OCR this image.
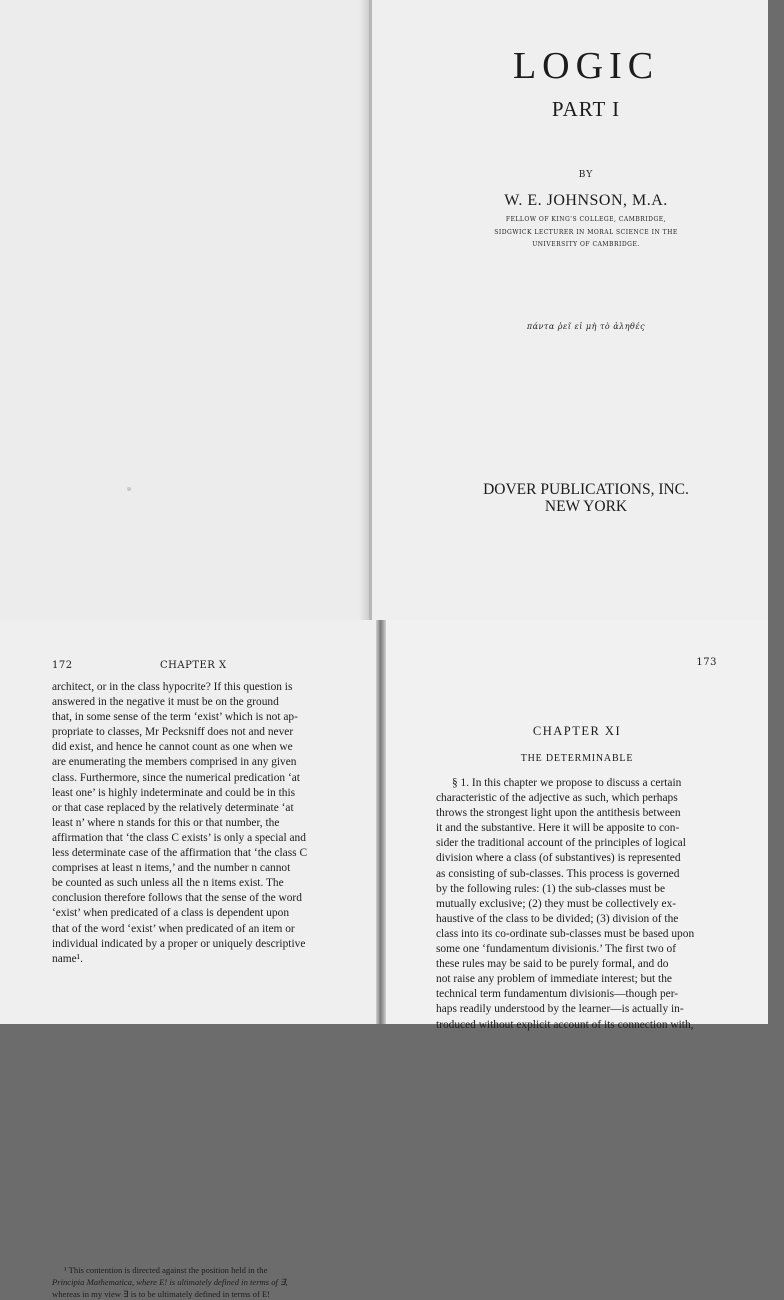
LOGIC
PART I
BY
W. E. JOHNSON, M.A.
FELLOW OF KING'S COLLEGE, CAMBRIDGE,
SIDGWICK LECTURER IN MORAL SCIENCE IN THE
UNIVERSITY OF CAMBRIDGE.
πάντα ῥεῖ εἰ μὴ τὸ ἀληθές
DOVER PUBLICATIONS, INC.
NEW YORK
172	CHAPTER X
architect, or in the class hypocrite? If this question is
answered in the negative it must be on the ground
that, in some sense of the term ‘exist’ which is not ap-
propriate to classes, Mr Pecksniff does not and never
did exist, and hence he cannot count as one when we
are enumerating the members comprised in any given
class. Furthermore, since the numerical predication ‘at
least one’ is highly indeterminate and could be in this
or that case replaced by the relatively determinate ‘at
least n’ where n stands for this or that number, the
affirmation that ‘the class C exists’ is only a special and
less determinate case of the affirmation that ‘the class C
comprises at least n items,’ and the number n cannot
be counted as such unless all the n items exist. The
conclusion therefore follows that the sense of the word
‘exist’ when predicated of a class is dependent upon
that of the word ‘exist’ when predicated of an item or
individual indicated by a proper or uniquely descriptive
name¹.
¹ This contention is directed against the position held in the
Principia Mathematica, where E! is ultimately defined in terms of ∃,
whereas in my view ∃ is to be ultimately defined in terms of E!
173
CHAPTER XI
THE DETERMINABLE
§ 1. In this chapter we propose to discuss a certain
characteristic of the adjective as such, which perhaps
throws the strongest light upon the antithesis between
it and the substantive. Here it will be apposite to con-
sider the traditional account of the principles of logical
division where a class (of substantives) is represented
as consisting of sub-classes. This process is governed
by the following rules: (1) the sub-classes must be
mutually exclusive; (2) they must be collectively ex-
haustive of the class to be divided; (3) division of the
class into its co-ordinate sub-classes must be based upon
some one ‘fundamentum divisionis.’ The first two of
these rules may be said to be purely formal, and do
not raise any problem of immediate interest; but the
technical term fundamentum divisionis—though per-
haps readily understood by the learner—is actually in-
troduced without explicit account of its connection with,
